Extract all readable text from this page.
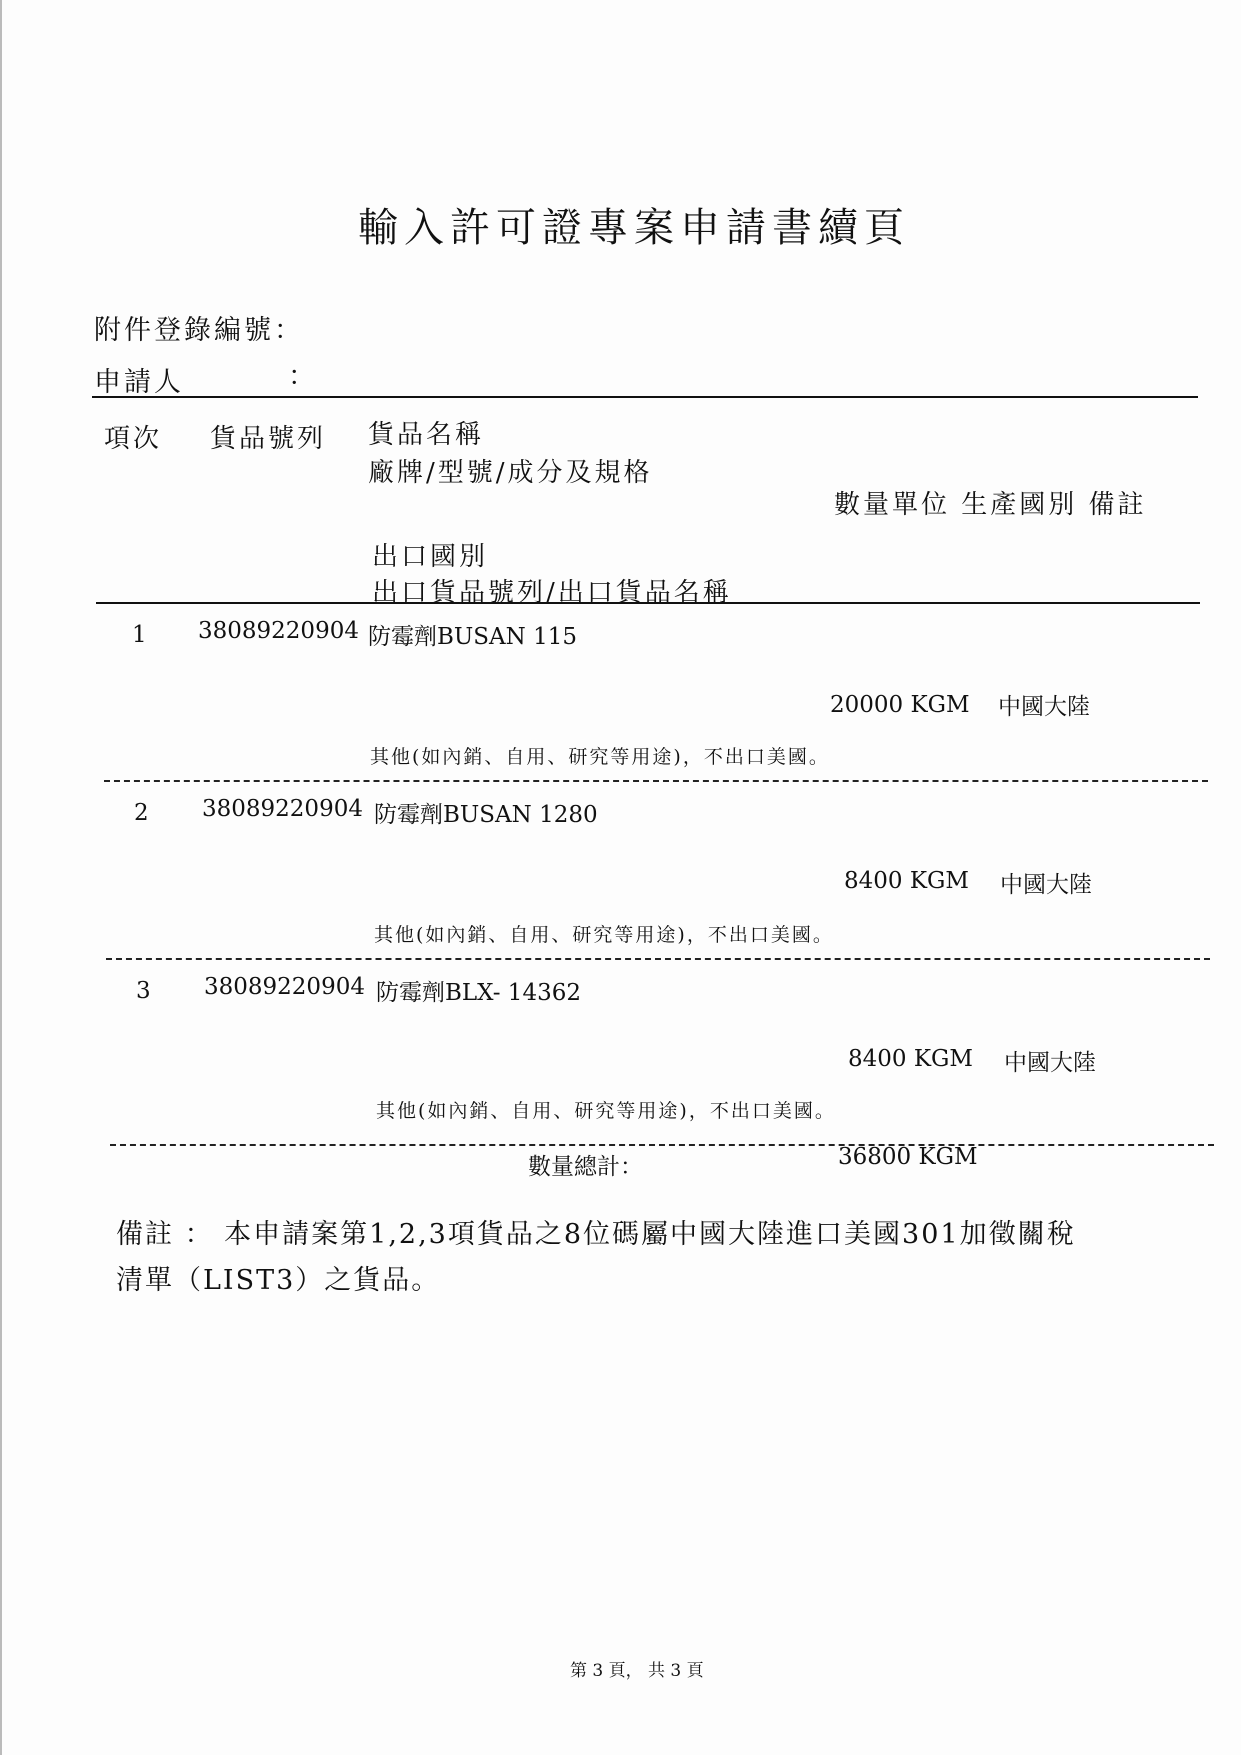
輸入許可證專案申請書續頁
附件登錄編號：
申請人	：
項次 貨品號列 貨品名稱
廠牌/型號/成分及規格
數量單位 生產國別 備註
出口國別
出口貨品號列/出口貨品名稱
1 38089220904 防霉劑BUSAN 115
20000 KGM 中國大陸
其他(如內銷、自用、研究等用途)，不出口美國。
2 38089220904 防霉劑BUSAN 1280
8400 KGM 中國大陸
其他(如內銷、自用、研究等用途)，不出口美國。
3 38089220904 防霉劑BLX- 14362
8400 KGM 中國大陸
其他(如內銷、自用、研究等用途)，不出口美國。
數量總計：	36800 KGM
備註 ： 本申請案第1,2,3項貨品之8位碼屬中國大陸進口美國301加徵關稅
清單（LIST3）之貨品。
第 3 頁， 共 3 頁
